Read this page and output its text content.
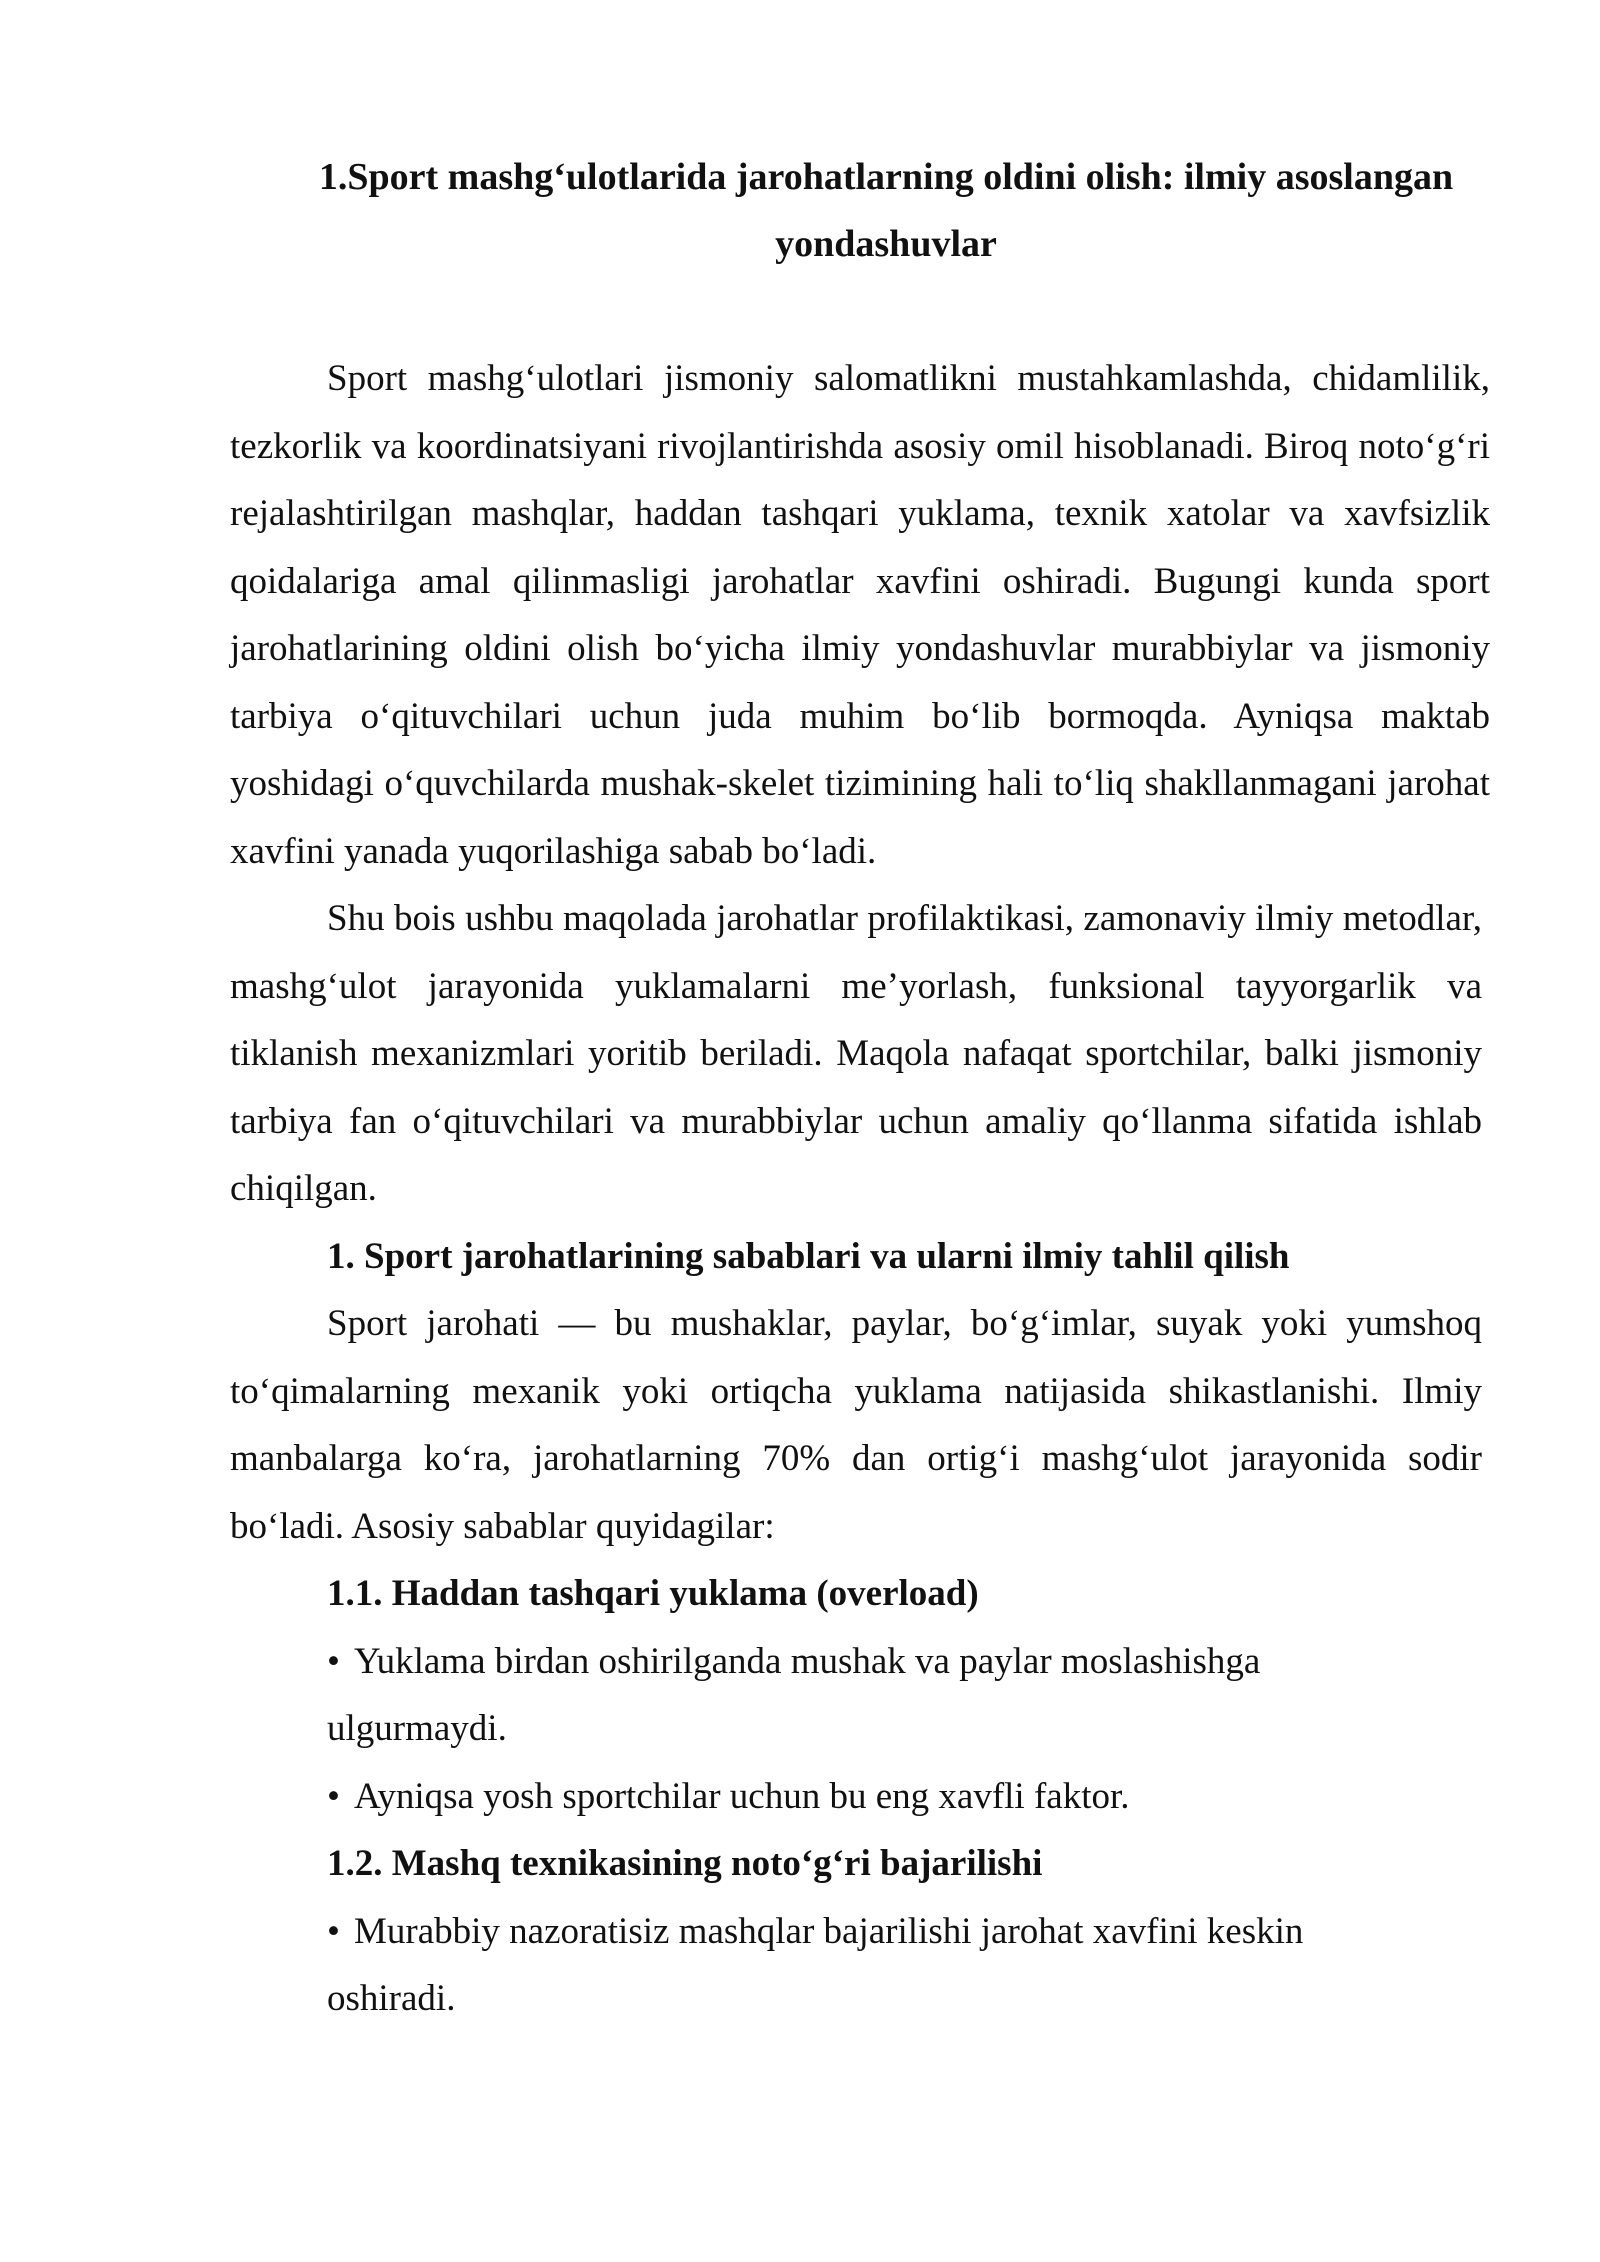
1.Sport mashg‘ulotlarida jarohatlarning oldini olish: ilmiy asoslangan yondashuvlar

Sport mashg‘ulotlari jismoniy salomatlikni mustahkamlashda, chidamlilik, tezkorlik va koordinatsiyani rivojlantirishda asosiy omil hisoblanadi. Biroq noto‘g‘ri rejalashtirilgan mashqlar, haddan tashqari yuklama, texnik xatolar va xavfsizlik qoidalariga amal qilinmasligi jarohatlar xavfini oshiradi. Bugungi kunda sport jarohatlarining oldini olish bo‘yicha ilmiy yondashuvlar murabbiylar va jismoniy tarbiya o‘qituvchilari uchun juda muhim bo‘lib bormoqda. Ayniqsa maktab yoshidagi o‘quvchilarda mushak-skelet tizimining hali to‘liq shakllanmagani jarohat xavfini yanada yuqorilashiga sabab bo‘ladi.

Shu bois ushbu maqolada jarohatlar profilaktikasi, zamonaviy ilmiy metodlar, mashg‘ulot jarayonida yuklamalarni me’yorlash, funksional tayyorgarlik va tiklanish mexanizmlari yoritib beriladi. Maqola nafaqat sportchilar, balki jismoniy tarbiya fan o‘qituvchilari va murabbiylar uchun amaliy qo‘llanma sifatida ishlab chiqilgan.

1. Sport jarohatlarining sabablari va ularni ilmiy tahlil qilish

Sport jarohati — bu mushaklar, paylar, bo‘g‘imlar, suyak yoki yumshoq to‘qimalarning mexanik yoki ortiqcha yuklama natijasida shikastlanishi. Ilmiy manbalarga ko‘ra, jarohatlarning 70% dan ortig‘i mashg‘ulot jarayonida sodir bo‘ladi. Asosiy sabablar quyidagilar:

1.1. Haddan tashqari yuklama (overload)

• Yuklama birdan oshirilganda mushak va paylar moslashishga ulgurmaydi.

• Ayniqsa yosh sportchilar uchun bu eng xavfli faktor.

1.2. Mashq texnikasining noto‘g‘ri bajarilishi

• Murabbiy nazoratisiz mashqlar bajarilishi jarohat xavfini keskin oshiradi.
